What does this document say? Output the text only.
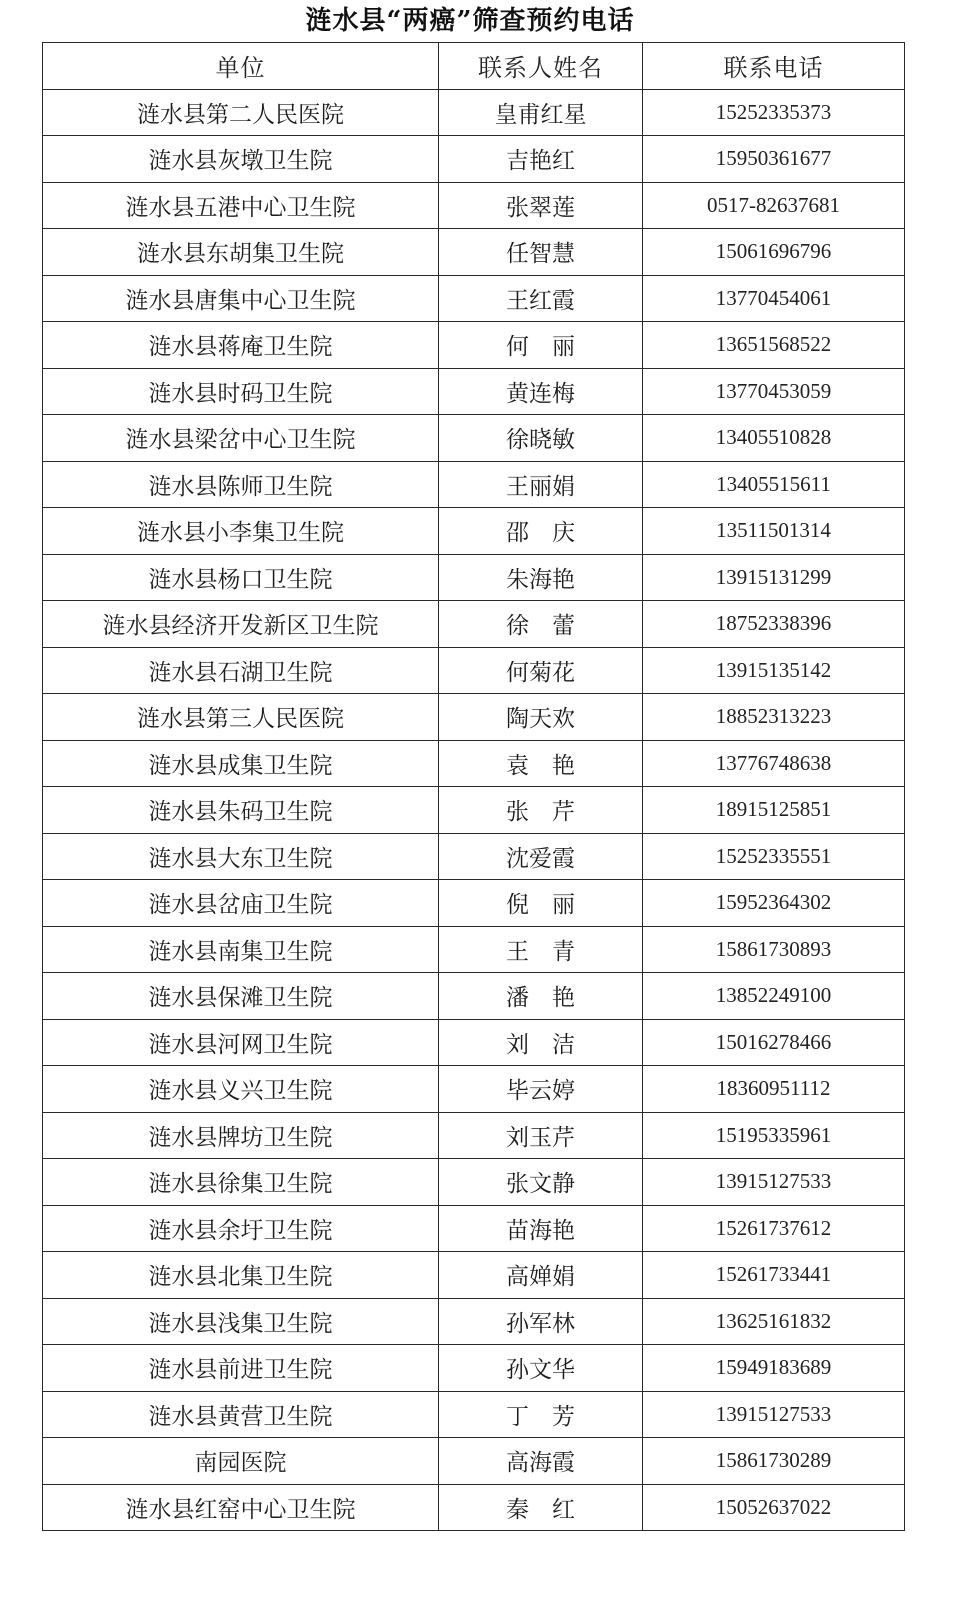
涟水县“两癌”筛查预约电话
单位	联系人姓名	联系电话
涟水县第二人民医院	皇甫红星	15252335373
涟水县灰墩卫生院	吉艳红	15950361677
涟水县五港中心卫生院	张翠莲	0517-82637681
涟水县东胡集卫生院	任智慧	15061696796
涟水县唐集中心卫生院	王红霞	13770454061
涟水县蒋庵卫生院	何　丽	13651568522
涟水县时码卫生院	黄连梅	13770453059
涟水县梁岔中心卫生院	徐晓敏	13405510828
涟水县陈师卫生院	王丽娟	13405515611
涟水县小李集卫生院	邵　庆	13511501314
涟水县杨口卫生院	朱海艳	13915131299
涟水县经济开发新区卫生院	徐　蕾	18752338396
涟水县石湖卫生院	何菊花	13915135142
涟水县第三人民医院	陶天欢	18852313223
涟水县成集卫生院	袁　艳	13776748638
涟水县朱码卫生院	张　芹	18915125851
涟水县大东卫生院	沈爱霞	15252335551
涟水县岔庙卫生院	倪　丽	15952364302
涟水县南集卫生院	王　青	15861730893
涟水县保滩卫生院	潘　艳	13852249100
涟水县河网卫生院	刘　洁	15016278466
涟水县义兴卫生院	毕云婷	18360951112
涟水县牌坊卫生院	刘玉芹	15195335961
涟水县徐集卫生院	张文静	13915127533
涟水县余圩卫生院	苗海艳	15261737612
涟水县北集卫生院	高婵娟	15261733441
涟水县浅集卫生院	孙军林	13625161832
涟水县前进卫生院	孙文华	15949183689
涟水县黄营卫生院	丁　芳	13915127533
南园医院	高海霞	15861730289
涟水县红窑中心卫生院	秦　红	15052637022
